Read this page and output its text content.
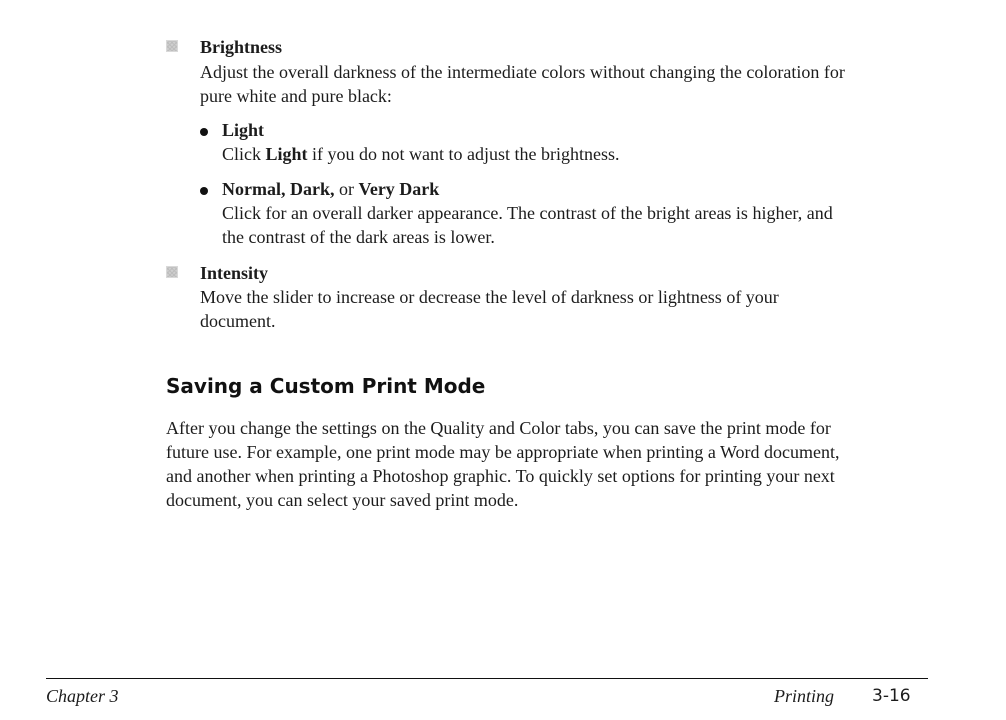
Brightness
Adjust the overall darkness of the intermediate colors without changing the coloration for
pure white and pure black:
Light
Click Light if you do not want to adjust the brightness.
Normal, Dark, or Very Dark
Click for an overall darker appearance. The contrast of the bright areas is higher, and
the contrast of the dark areas is lower.
Intensity
Move the slider to increase or decrease the level of darkness or lightness of your
document.
Saving a Custom Print Mode
After you change the settings on the Quality and Color tabs, you can save the print mode for
future use. For example, one print mode may be appropriate when printing a Word document,
and another when printing a Photoshop graphic. To quickly set options for printing your next
document, you can select your saved print mode.
Chapter 3	Printing 3-16
